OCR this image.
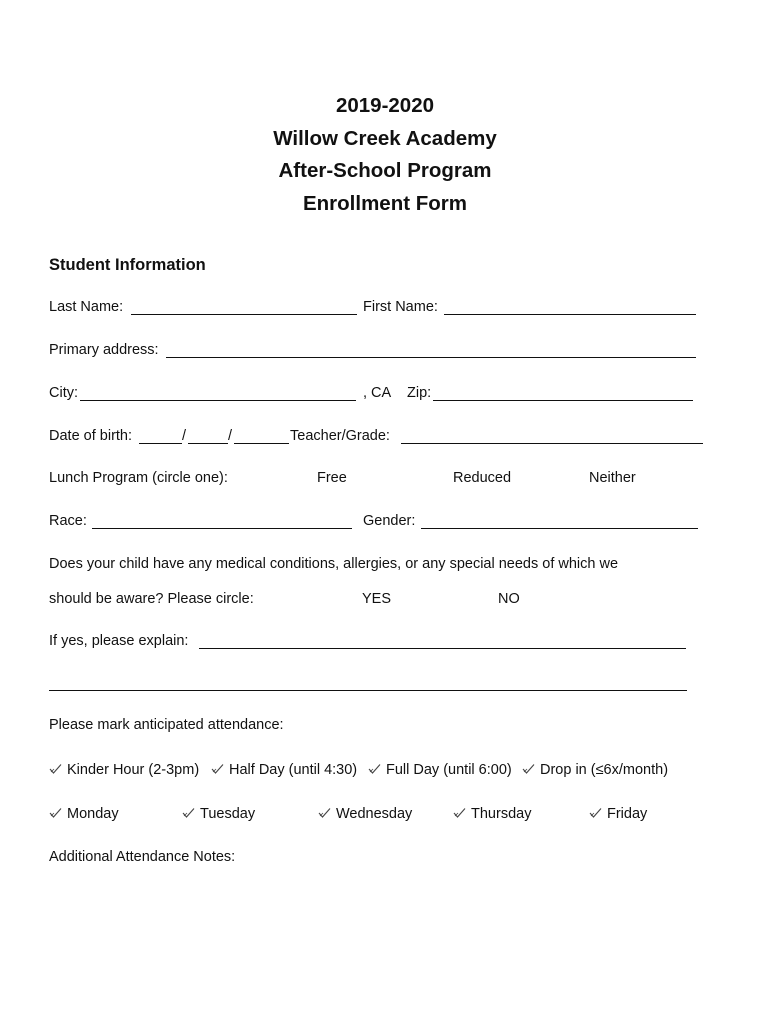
2019-2020
Willow Creek Academy
After-School Program
Enrollment Form
Student Information
Last Name:	First Name:
Primary address:
City:	, CA Zip:
Date of birth:	/	/	Teacher/Grade:
Lunch Program (circle one):	Free	Reduced	Neither
Race:	Gender:
Does your child have any medical conditions, allergies, or any special needs of which we
should be aware? Please circle:	YES	NO
If yes, please explain:
Please mark anticipated attendance:
Kinder Hour (2-3pm)	Half Day (until 4:30)	Full Day (until 6:00)	Drop in (≤6x/month)
Monday	Tuesday	Wednesday	Thursday	Friday
Additional Attendance Notes:
